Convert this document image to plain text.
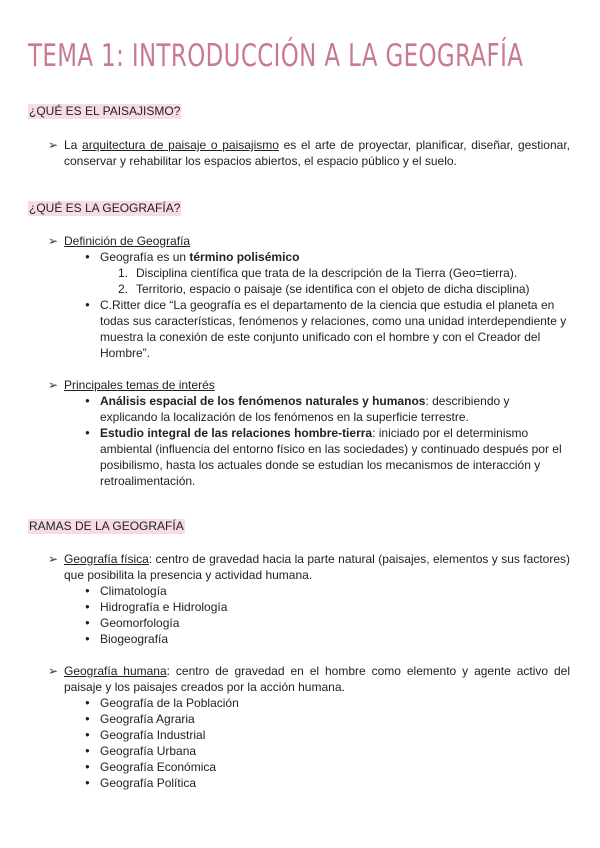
TEMA 1: INTRODUCCIÓN A LA GEOGRAFÍA
¿QUÉ ES EL PAISAJISMO?
➢ La arquitectura de paisaje o paisajismo es el arte de proyectar, planificar, diseñar, gestionar, conservar y rehabilitar los espacios abiertos, el espacio público y el suelo.

¿QUÉ ES LA GEOGRAFÍA?
➢ Definición de Geografía
● Geografía es un término polisémico
1. Disciplina científica que trata de la descripción de la Tierra (Geo=tierra).
2. Territorio, espacio o paisaje (se identifica con el objeto de dicha disciplina)
● C.Ritter dice “La geografía es el departamento de la ciencia que estudia el planeta en todas sus características, fenómenos y relaciones, como una unidad interdependiente y muestra la conexión de este conjunto unificado con el hombre y con el Creador del Hombre”.
➢ Principales temas de interés
● Análisis espacial de los fenómenos naturales y humanos: describiendo y explicando la localización de los fenómenos en la superficie terrestre.
● Estudio integral de las relaciones hombre-tierra: iniciado por el determinismo ambiental (influencia del entorno físico en las sociedades) y continuado después por el posibilismo, hasta los actuales donde se estudian los mecanismos de interacción y retroalimentación.
RAMAS DE LA GEOGRAFÍA
➢ Geografía física: centro de gravedad hacia la parte natural (paisajes, elementos y sus factores) que posibilita la presencia y actividad humana.

● Climatología
● Hidrografía e Hidrología
● Geomorfología
● Biogeografía
➢ Geografía humana: centro de gravedad en el hombre como elemento y agente activo del paisaje y los paisajes creados por la acción humana.

● Geografía de la Población
● Geografía Agraria
● Geografía Industrial
● Geografía Urbana
● Geografía Económica
● Geografía Política
